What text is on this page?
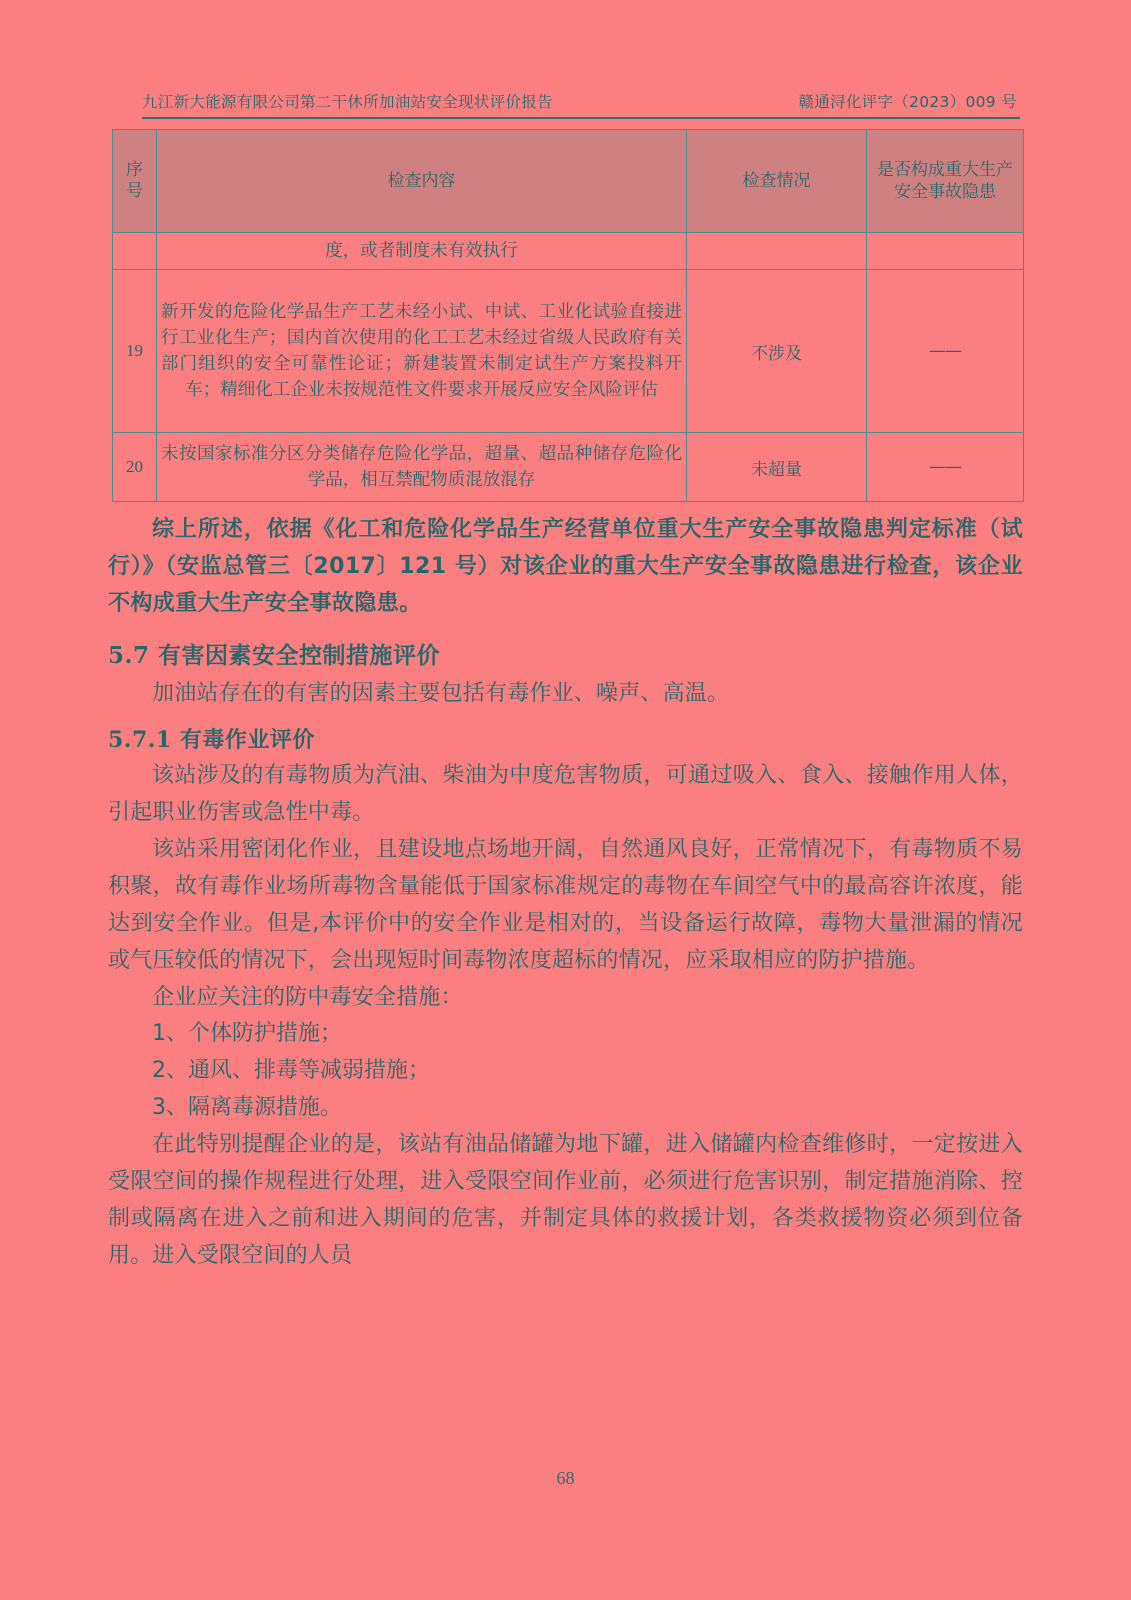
九江新大能源有限公司第二干休所加油站安全现状评价报告	赣通浔化评字（2023）009 号
序
号	检查内容	检查情况	是否构成重大生产安全事故隐患
	度，或者制度未有效执行		
19	新开发的危险化学品生产工艺未经小试、中试、工业化试验直接进行工业化生产；国内首次使用的化工工艺未经过省级人民政府有关部门组织的安全可靠性论证；新建装置未制定试生产方案投料开车；精细化工企业未按规范性文件要求开展反应安全风险评估	不涉及	——
20	未按国家标准分区分类储存危险化学品，超量、超品种储存危险化学品，相互禁配物质混放混存	未超量	——

综上所述，依据《化工和危险化学品生产经营单位重大生产安全事故隐患判定标准（试行）》（安监总管三〔2017〕121 号）对该企业的重大生产安全事故隐患进行检查，该企业不构成重大生产安全事故隐患。

5.7 有害因素安全控制措施评价

加油站存在的有害的因素主要包括有毒作业、噪声、高温。

5.7.1 有毒作业评价

该站涉及的有毒物质为汽油、柴油为中度危害物质，可通过吸入、食入、接触作用人体，引起职业伤害或急性中毒。

该站采用密闭化作业，且建设地点场地开阔，自然通风良好，正常情况下，有毒物质不易积聚，故有毒作业场所毒物含量能低于国家标准规定的毒物在车间空气中的最高容许浓度，能达到安全作业。但是,本评价中的安全作业是相对的，当设备运行故障，毒物大量泄漏的情况或气压较低的情况下，会出现短时间毒物浓度超标的情况，应采取相应的防护措施。

企业应关注的防中毒安全措施：

1、个体防护措施；

2、通风、排毒等减弱措施；

3、隔离毒源措施。

在此特别提醒企业的是，该站有油品储罐为地下罐，进入储罐内检查维修时，一定按进入受限空间的操作规程进行处理，进入受限空间作业前，必须进行危害识别，制定措施消除、控制或隔离在进入之前和进入期间的危害，并制定具体的救援计划，各类救援物资必须到位备用。进入受限空间的人员

68
